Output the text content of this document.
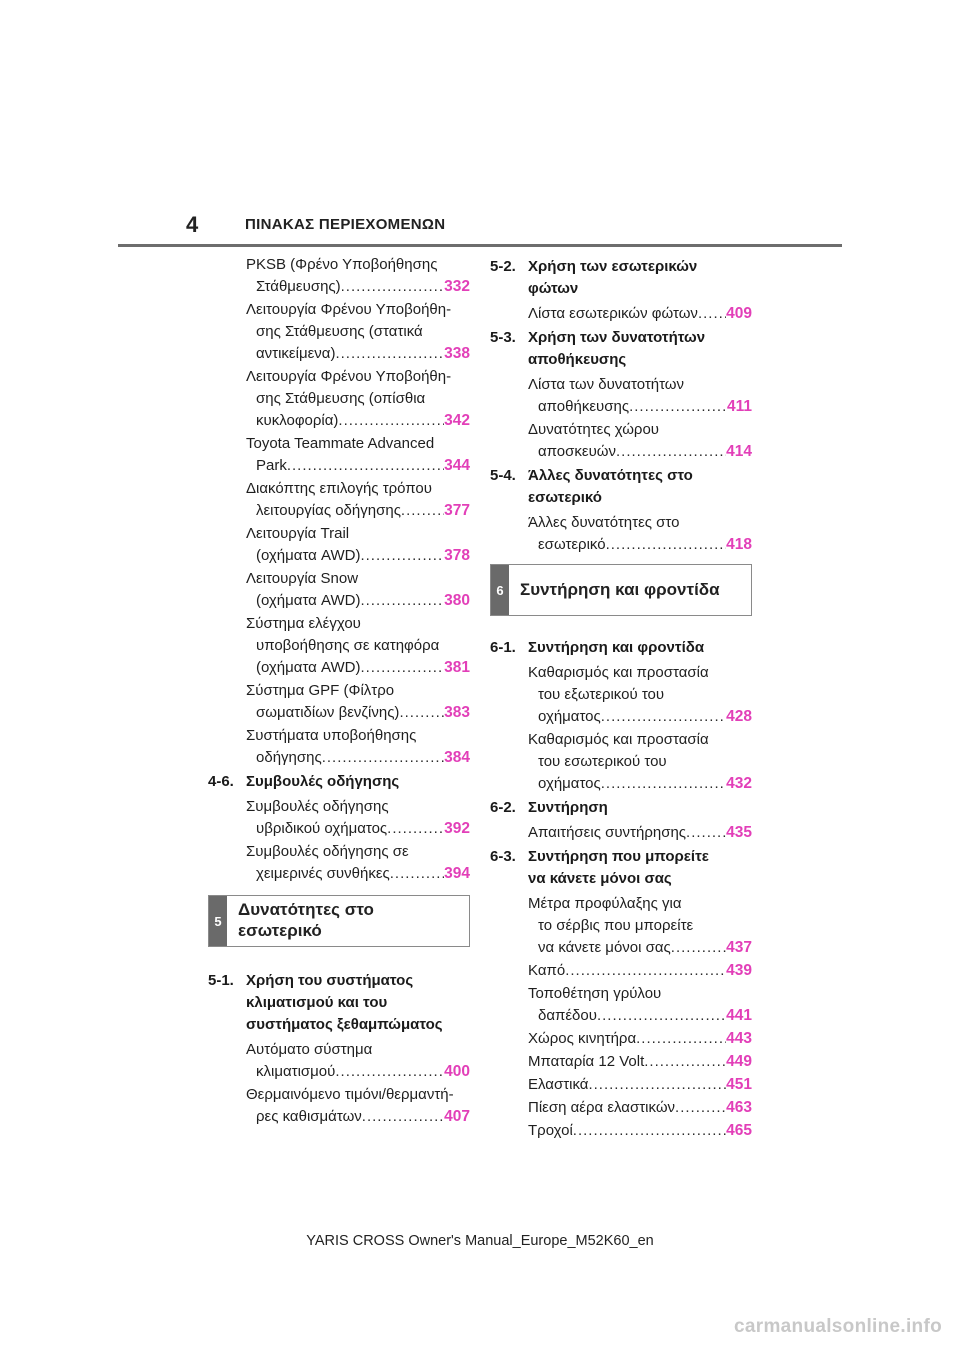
4	ΠΙΝΑΚΑΣ ΠΕΡΙΕΧΟΜΕΝΩΝ
PKSB (Φρένο Υποβοήθησης
Στάθμευσης) .....	332
Λειτουργία Φρένου Υποβοήθη-
σης Στάθμευσης (στατικά
αντικείμενα) .....	338
Λειτουργία Φρένου Υποβοήθη-
σης Στάθμευσης (οπίσθια
κυκλοφορία) .....	342
Toyota Teammate Advanced
Park .....	344
Διακόπτης επιλογής τρόπου
λειτουργίας οδήγησης .....	377
Λειτουργία Trail
(οχήματα AWD) .....	378
Λειτουργία Snow
(οχήματα AWD) .....	380
Σύστημα ελέγχου
υποβοήθησης σε κατηφόρα
(οχήματα AWD) .....	381
Σύστημα GPF (Φίλτρο
σωματιδίων βενζίνης) .....	383
Συστήματα υποβοήθησης
οδήγησης .....	384
4-6. Συμβουλές οδήγησης
Συμβουλές οδήγησης
υβριδικού οχήματος .....	392
Συμβουλές οδήγησης σε
χειμερινές συνθήκες .....	394
5
Δυνατότητες στο
εσωτερικό
5-1. Χρήση του συστήματος
κλιματισμού και του
συστήματος ξεθαμπώματος
Αυτόματο σύστημα
κλιματισμού .....	400
Θερμαινόμενο τιμόνι/θερμαντή-
ρες καθισμάτων .....	407
5-2. Χρήση των εσωτερικών
φώτων
Λίστα εσωτερικών φώτων ..... 409
5-3. Χρήση των δυνατοτήτων
αποθήκευσης
Λίστα των δυνατοτήτων
αποθήκευσης .....	411
Δυνατότητες χώρου
αποσκευών .....	414
5-4. Άλλες δυνατότητες στο
εσωτερικό
Άλλες δυνατότητες στο
εσωτερικό .....	418
6 Συντήρηση και φροντίδα
6-1. Συντήρηση και φροντίδα
Καθαρισμός και προστασία
του εξωτερικού του
οχήματος .....	428
Καθαρισμός και προστασία
του εσωτερικού του
οχήματος .....	432
6-2. Συντήρηση
Απαιτήσεις συντήρησης .....	435
6-3. Συντήρηση που μπορείτε
να κάνετε μόνοι σας
Μέτρα προφύλαξης για
το σέρβις που μπορείτε
να κάνετε μόνοι σας .....	437
Καπό .....	439
Τοποθέτηση γρύλου
δαπέδου .....	441
Χώρος κινητήρα .....	443
Μπαταρία 12 Volt .....	449
Ελαστικά .....	451
Πίεση αέρα ελαστικών .....	463
Τροχοί .....	465
YARIS CROSS Owner's Manual_Europe_M52K60_en
carmanualsonline.info
